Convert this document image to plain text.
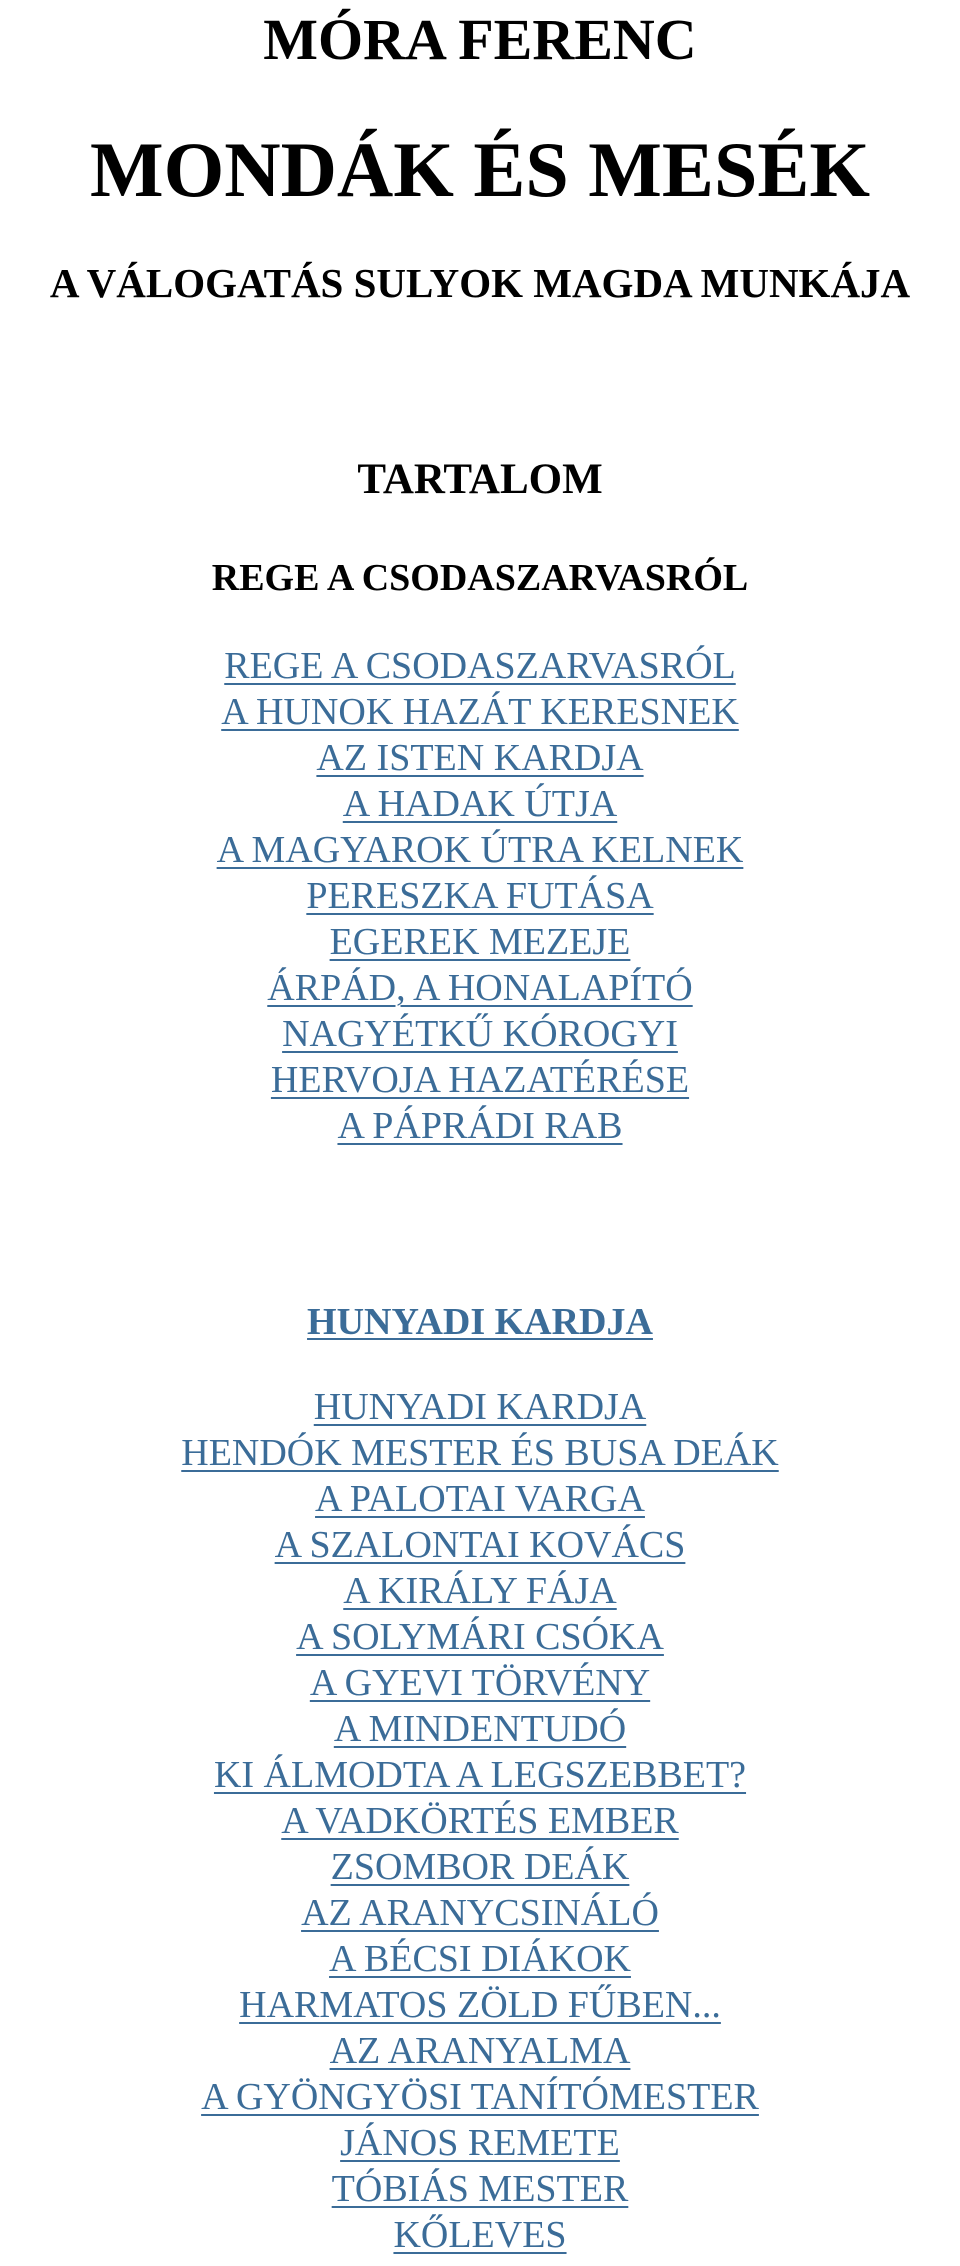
MÓRA FERENC
MONDÁK ÉS MESÉK
A VÁLOGATÁS SULYOK MAGDA MUNKÁJA
TARTALOM
REGE A CSODASZARVASRÓL
REGE A CSODASZARVASRÓL
A HUNOK HAZÁT KERESNEK
AZ ISTEN KARDJA
A HADAK ÚTJA
A MAGYAROK ÚTRA KELNEK
PERESZKA FUTÁSA
EGEREK MEZEJE
ÁRPÁD, A HONALAPÍTÓ
NAGYÉTKŰ KÓROGYI
HERVOJA HAZATÉRÉSE
A PÁPRÁDI RAB
HUNYADI KARDJA
HUNYADI KARDJA
HENDÓK MESTER ÉS BUSA DEÁK
A PALOTAI VARGA
A SZALONTAI KOVÁCS
A KIRÁLY FÁJA
A SOLYMÁRI CSÓKA
A GYEVI TÖRVÉNY
A MINDENTUDÓ
KI ÁLMODTA A LEGSZEBBET?
A VADKÖRTÉS EMBER
ZSOMBOR DEÁK
AZ ARANYCSINÁLÓ
A BÉCSI DIÁKOK
HARMATOS ZÖLD FŰBEN...
AZ ARANYALMA
A GYÖNGYÖSI TANÍTÓMESTER
JÁNOS REMETE
TÓBIÁS MESTER
KŐLEVES
